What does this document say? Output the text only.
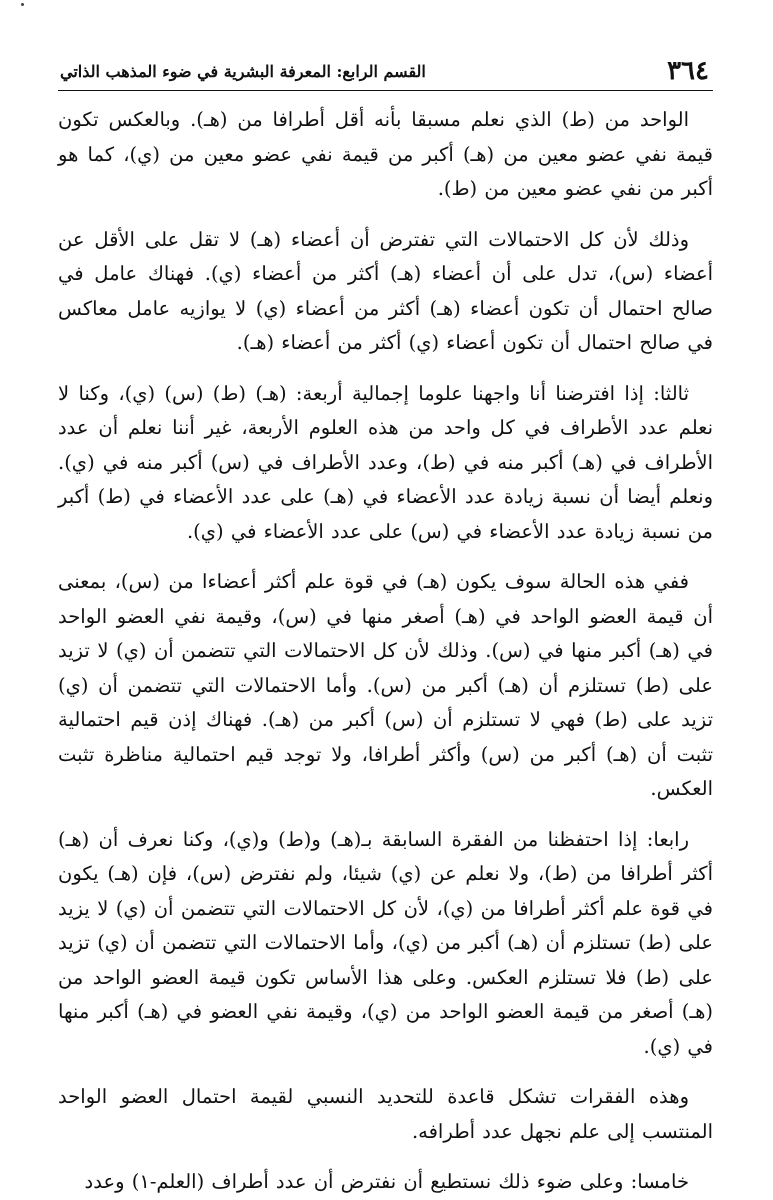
٣٦٤
القسم الرابع: المعرفة البشرية في ضوء المذهب الذاتي

الواحد من (ط) الذي نعلم مسبقا بأنه أقل أطرافا من (هـ). وبالعكس تكون قيمة نفي عضو معين من (هـ) أكبر من قيمة نفي عضو معين من (ي)، كما هو أكبر من نفي عضو معين من (ط).

وذلك لأن كل الاحتمالات التي تفترض أن أعضاء (هـ) لا تقل على الأقل عن أعضاء (س)، تدل على أن أعضاء (هـ) أكثر من أعضاء (ي). فهناك عامل في صالح احتمال أن تكون أعضاء (هـ) أكثر من أعضاء (ي) لا يوازيه عامل معاكس في صالح احتمال أن تكون أعضاء (ي) أكثر من أعضاء (هـ).

ثالثا: إذا افترضنا أنا واجهنا علوما إجمالية أربعة: (هـ) (ط) (س) (ي)، وكنا لا نعلم عدد الأطراف في كل واحد من هذه العلوم الأربعة، غير أننا نعلم أن عدد الأطراف في (هـ) أكبر منه في (ط)، وعدد الأطراف في (س) أكبر منه في (ي). ونعلم أيضا أن نسبة زيادة عدد الأعضاء في (هـ) على عدد الأعضاء في (ط) أكبر من نسبة زيادة عدد الأعضاء في (س) على عدد الأعضاء في (ي).

ففي هذه الحالة سوف يكون (هـ) في قوة علم أكثر أعضاءا من (س)، بمعنى أن قيمة العضو الواحد في (هـ) أصغر منها في (س)، وقيمة نفي العضو الواحد في (هـ) أكبر منها في (س). وذلك لأن كل الاحتمالات التي تتضمن أن (ي) لا تزيد على (ط) تستلزم أن (هـ) أكبر من (س). وأما الاحتمالات التي تتضمن أن (ي) تزيد على (ط) فهي لا تستلزم أن (س) أكبر من (هـ). فهناك إذن قيم احتمالية تثبت أن (هـ) أكبر من (س) وأكثر أطرافا، ولا توجد قيم احتمالية مناظرة تثبت العكس.

رابعا: إذا احتفظنا من الفقرة السابقة بـ(هـ) و(ط) و(ي)، وكنا نعرف أن (هـ) أكثر أطرافا من (ط)، ولا نعلم عن (ي) شيئا، ولم نفترض (س)، فإن (هـ) يكون في قوة علم أكثر أطرافا من (ي)، لأن كل الاحتمالات التي تتضمن أن (ي) لا يزيد على (ط) تستلزم أن (هـ) أكبر من (ي)، وأما الاحتمالات التي تتضمن أن (ي) تزيد على (ط) فلا تستلزم العكس. وعلى هذا الأساس تكون قيمة العضو الواحد من (هـ) أصغر من قيمة العضو الواحد من (ي)، وقيمة نفي العضو في (هـ) أكبر منها في (ي).

وهذه الفقرات تشكل قاعدة للتحديد النسبي لقيمة احتمال العضو الواحد المنتسب إلى علم نجهل عدد أطرافه.

خامسا: وعلى ضوء ذلك نستطيع أن نفترض أن عدد أطراف (العلم-١) وعدد
